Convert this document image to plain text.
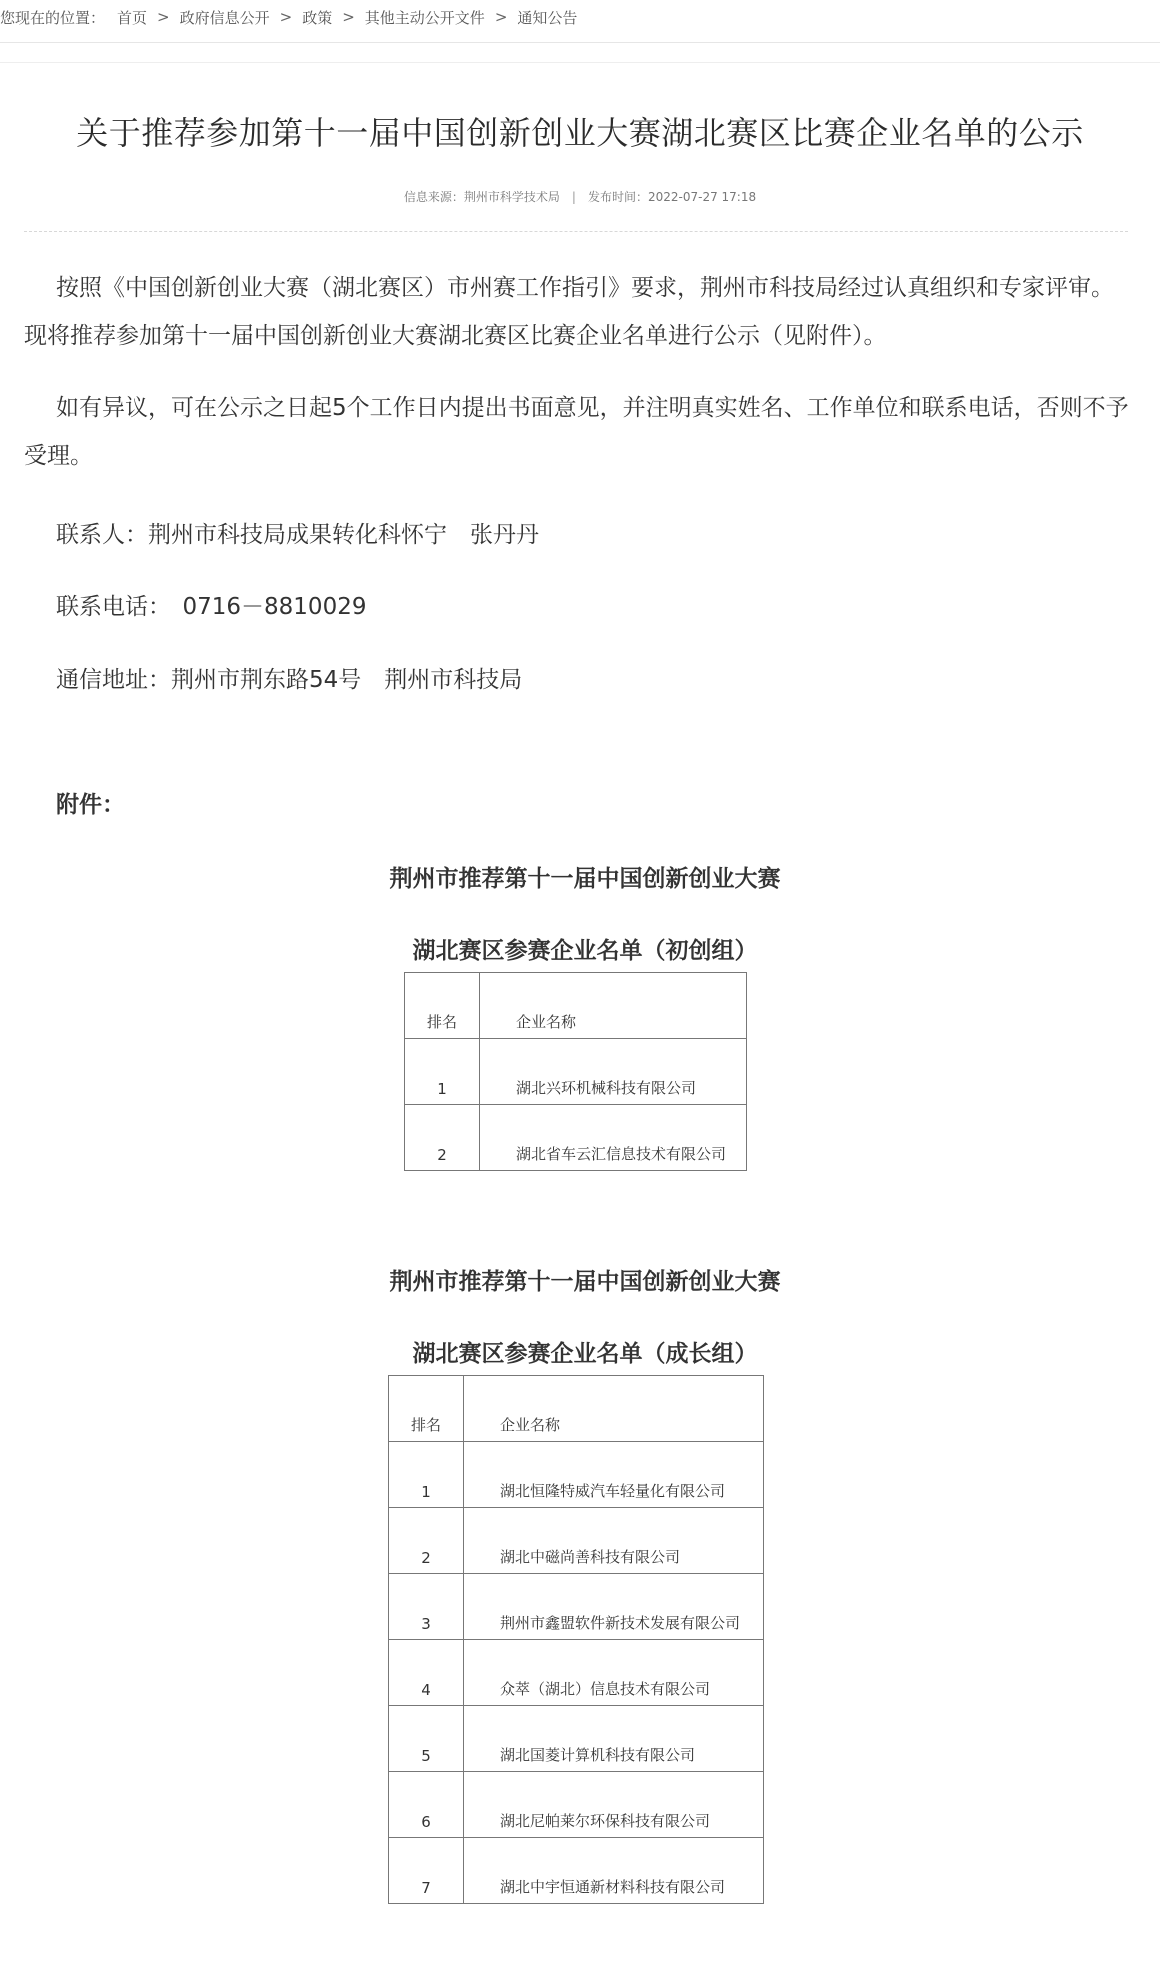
您现在的位置： 首页 > 政府信息公开 > 政策 > 其他主动公开文件 > 通知公告
关于推荐参加第十一届中国创新创业大赛湖北赛区比赛企业名单的公示
信息来源：荆州市科学技术局 | 发布时间：2022-07-27 17:18
按照《中国创新创业大赛（湖北赛区）市州赛工作指引》要求，荆州市科技局经过认真组织和专家评审。现将推荐参加第十一届中国创新创业大赛湖北赛区比赛企业名单进行公示（见附件）。
如有异议，可在公示之日起5个工作日内提出书面意见，并注明真实姓名、工作单位和联系电话，否则不予受理。
联系人：荆州市科技局成果转化科怀宁　张丹丹
联系电话：　0716－8810029
通信地址：荆州市荆东路54号　荆州市科技局
附件：
荆州市推荐第十一届中国创新创业大赛
湖北赛区参赛企业名单（初创组）
排名	企业名称
1	湖北兴环机械科技有限公司
2	湖北省车云汇信息技术有限公司
荆州市推荐第十一届中国创新创业大赛
湖北赛区参赛企业名单（成长组）
排名	企业名称
1	湖北恒隆特威汽车轻量化有限公司
2	湖北中磁尚善科技有限公司
3	荆州市鑫盟软件新技术发展有限公司
4	众萃（湖北）信息技术有限公司
5	湖北国菱计算机科技有限公司
6	湖北尼帕莱尔环保科技有限公司
7	湖北中宇恒通新材料科技有限公司
